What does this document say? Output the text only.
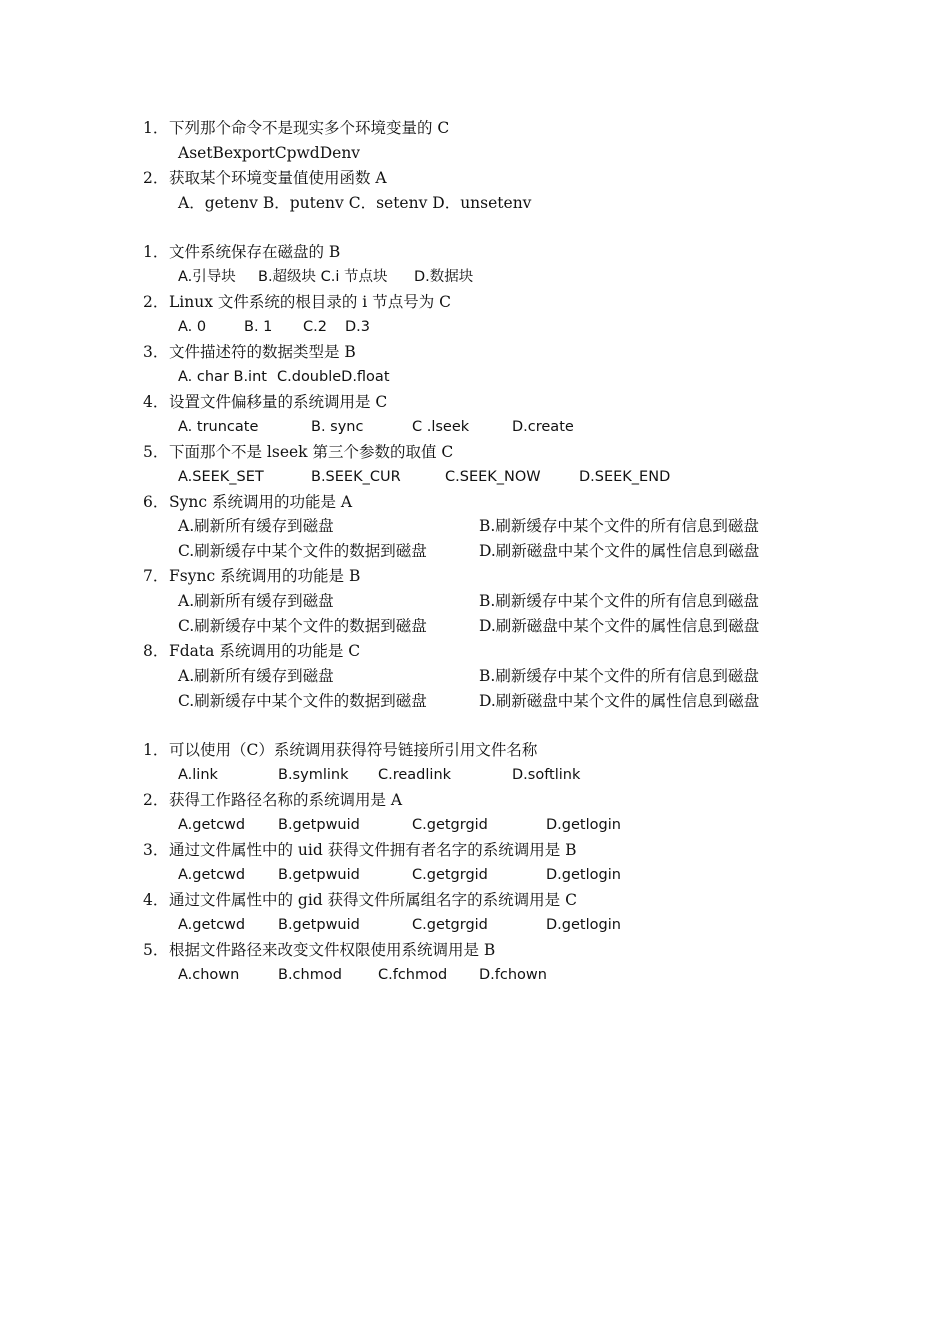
1．下列那个命令不是现实多个环境变量的 C
AsetBexportCpwdDenv
2．获取某个环境变量值使用函数 A
A．getenv B．putenv C．setenv D．unsetenv
1．文件系统保存在磁盘的 B
A.引导块 B.超级块 C.i 节点块 D.数据块
2．Linux 文件系统的根目录的 i 节点号为 C
A. 0	B. 1 C.2 D.3
3．文件描述符的数据类型是 B
A. char B.int C.doubleD.float
4．设置文件偏移量的系统调用是 C
A. truncate	B. sync	C .lseek	D.create
5．下面那个不是 lseek 第三个参数的取值 C
A.SEEK_SET	B.SEEK_CUR	C.SEEK_NOW	D.SEEK_END
6．Sync 系统调用的功能是 A
A.刷新所有缓存到磁盘	B.刷新缓存中某个文件的所有信息到磁盘
C.刷新缓存中某个文件的数据到磁盘	D.刷新磁盘中某个文件的属性信息到磁盘
7．Fsync 系统调用的功能是 B
A.刷新所有缓存到磁盘	B.刷新缓存中某个文件的所有信息到磁盘
C.刷新缓存中某个文件的数据到磁盘	D.刷新磁盘中某个文件的属性信息到磁盘
8．Fdata 系统调用的功能是 C
A.刷新所有缓存到磁盘	B.刷新缓存中某个文件的所有信息到磁盘
C.刷新缓存中某个文件的数据到磁盘	D.刷新磁盘中某个文件的属性信息到磁盘
1．可以使用（C）系统调用获得符号链接所引用文件名称
A.link	B.symlink C.readlink	D.softlink
2．获得工作路径名称的系统调用是 A
A.getcwd B.getpwuid	C.getgrgid	D.getlogin
3．通过文件属性中的 uid 获得文件拥有者名字的系统调用是 B
A.getcwd B.getpwuid	C.getgrgid	D.getlogin
4．通过文件属性中的 gid 获得文件所属组名字的系统调用是 C
A.getcwd B.getpwuid	C.getgrgid	D.getlogin
5．根据文件路径来改变文件权限使用系统调用是 B
A.chown	B.chmod C.fchmod D.fchown
